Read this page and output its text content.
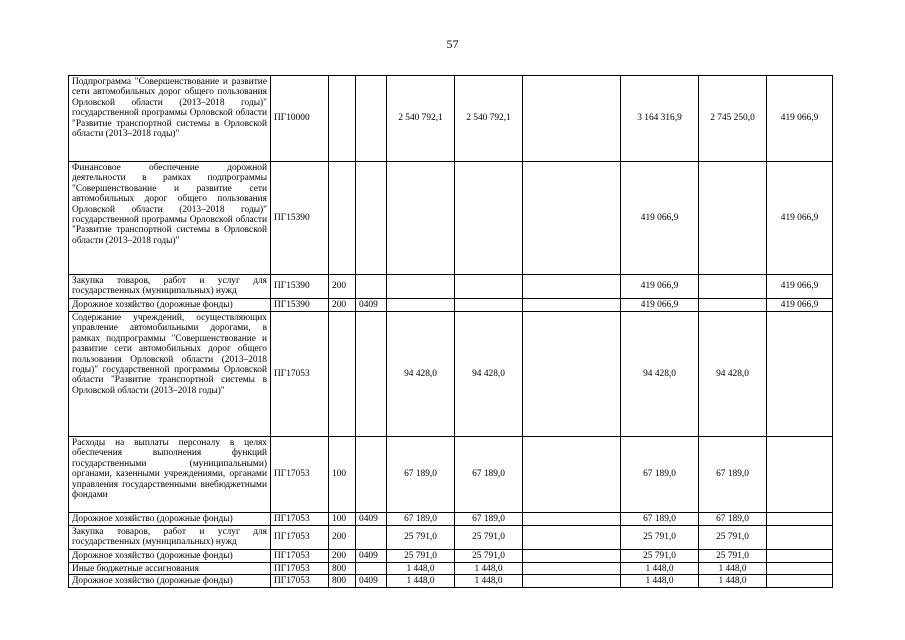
57
Подпрограмма "Совершенствование и развитие сети автомобильных дорог общего пользования Орловской области (2013–2018 годы)" государственной программы Орловской области "Развитие транспортной системы в Орловской области (2013–2018 годы)"	ПГ10000			2 540 792,1	2 540 792,1		3 164 316,9	2 745 250,0	419 066,9
Финансовое обеспечение дорожной деятельности в рамках подпрограммы "Совершенствование и развитие сети автомобильных дорог общего пользования Орловской области (2013–2018 годы)" государственной программы Орловской области "Развитие транспортной системы в Орловской области (2013–2018 годы)"	ПГ15390						419 066,9		419 066,9
Закупка товаров, работ и услуг для государственных (муниципальных) нужд	ПГ15390	200					419 066,9		419 066,9
Дорожное хозяйство (дорожные фонды)	ПГ15390	200	0409				419 066,9		419 066,9
Содержание учреждений, осуществляющих управление автомобильными дорогами, в рамках подпрограммы "Совершенствование и развитие сети автомобильных дорог общего пользования Орловской области (2013–2018 годы)" государственной программы Орловской области "Развитие транспортной системы в Орловской области (2013–2018 годы)"	ПГ17053			94 428,0	94 428,0		94 428,0	94 428,0	
Расходы на выплаты персоналу в целях обеспечения выполнения функций государственными (муниципальными) органами, казенными учреждениями, органами управления государственными внебюджетными фондами	ПГ17053	100		67 189,0	67 189,0		67 189,0	67 189,0	
Дорожное хозяйство (дорожные фонды)	ПГ17053	100	0409	67 189,0	67 189,0		67 189,0	67 189,0	
Закупка товаров, работ и услуг для государственных (муниципальных) нужд	ПГ17053	200		25 791,0	25 791,0		25 791,0	25 791,0	
Дорожное хозяйство (дорожные фонды)	ПГ17053	200	0409	25 791,0	25 791,0		25 791,0	25 791,0	
Иные бюджетные ассигнования	ПГ17053	800		1 448,0	1 448,0		1 448,0	1 448,0	
Дорожное хозяйство (дорожные фонды)	ПГ17053	800	0409	1 448,0	1 448,0		1 448,0	1 448,0	
